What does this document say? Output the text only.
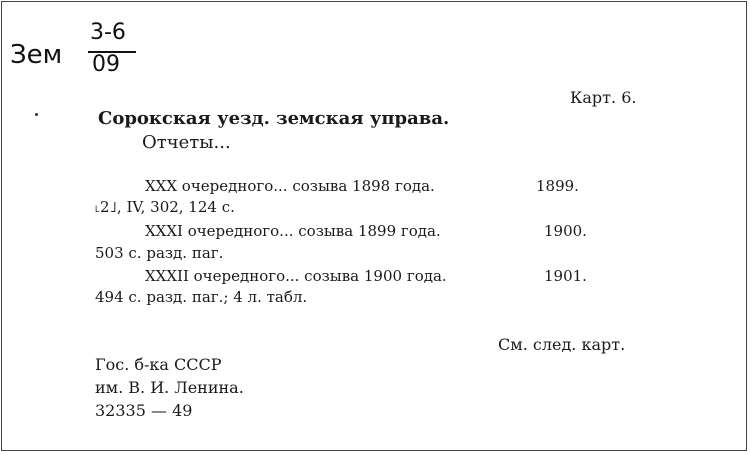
Зем
3-6
09
Карт. 6.
Сорокская уезд. земская управа.
Отчеты...
XXX очередного... созыва 1898 года.	1899.
˪2˩, IV, 302, 124 с.
XXXI очередного... созыва 1899 года.	1900.
503 с. разд. паг.
XXXII очередного... созыва 1900 года.	1901.
494 с. разд. паг.; 4 л. табл.
См. след. карт.
Гос. б-ка СССР
им. В. И. Ленина.
32335 — 49
